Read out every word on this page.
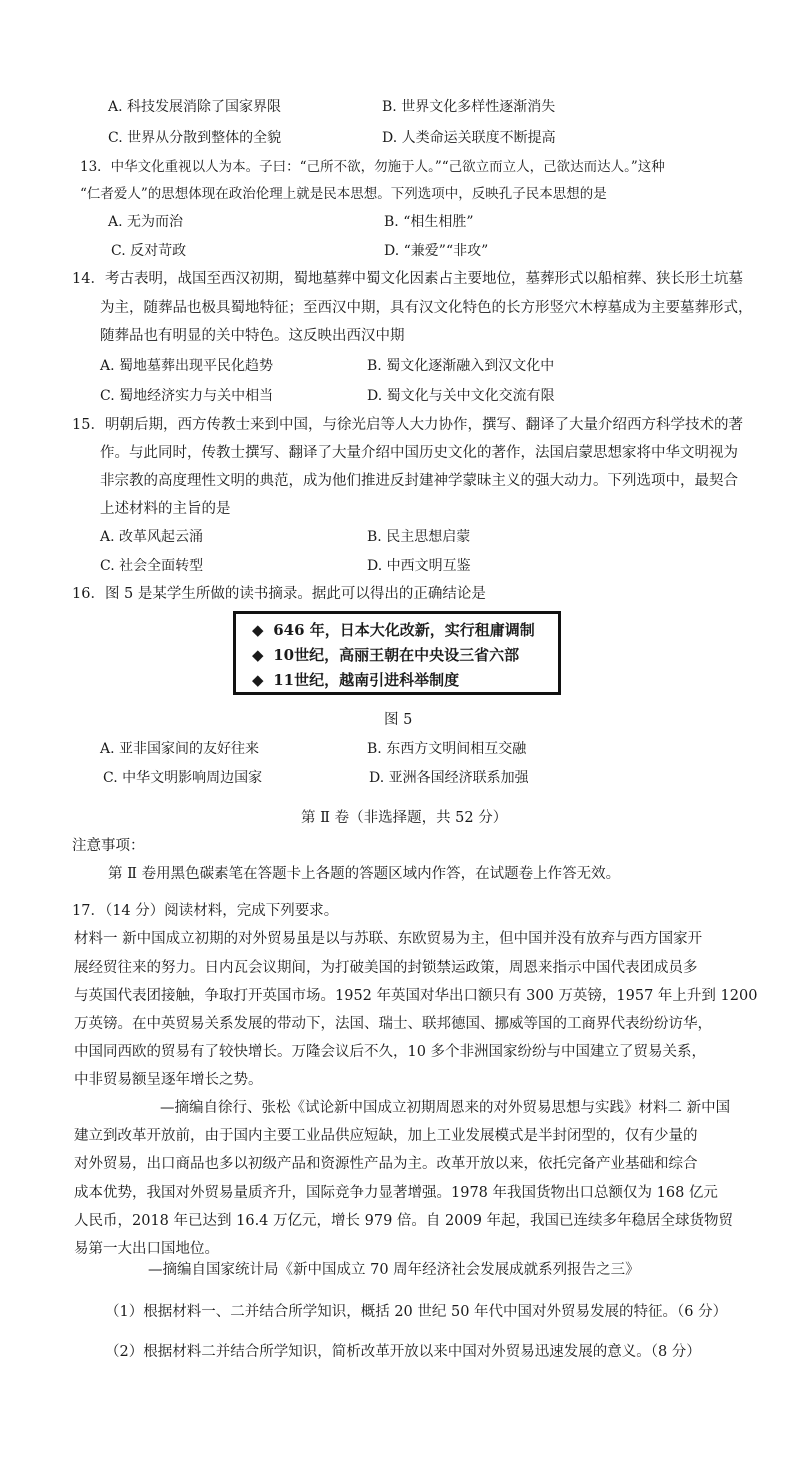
A. 科技发展消除了国家界限	B. 世界文化多样性逐渐消失
C. 世界从分散到整体的全貌	D. 人类命运关联度不断提高
13．中华文化重视以人为本。子曰：“己所不欲，勿施于人。”“己欲立而立人，己欲达而达人。”这种
“仁者爱人”的思想体现在政治伦理上就是民本思想。下列选项中，反映孔子民本思想的是
A. 无为而治	B. “相生相胜”
C. 反对苛政	D. “兼爱”“非攻”
14．考古表明，战国至西汉初期，蜀地墓葬中蜀文化因素占主要地位，墓葬形式以船棺葬、狭长形土坑墓
为主，随葬品也极具蜀地特征；至西汉中期，具有汉文化特色的长方形竖穴木椁墓成为主要墓葬形式，
随葬品也有明显的关中特色。这反映出西汉中期
A. 蜀地墓葬出现平民化趋势	B. 蜀文化逐渐融入到汉文化中
C. 蜀地经济实力与关中相当	D. 蜀文化与关中文化交流有限
15．明朝后期，西方传教士来到中国，与徐光启等人大力协作，撰写、翻译了大量介绍西方科学技术的著
作。与此同时，传教士撰写、翻译了大量介绍中国历史文化的著作，法国启蒙思想家将中华文明视为
非宗教的高度理性文明的典范，成为他们推进反封建神学蒙昧主义的强大动力。下列选项中，最契合
上述材料的主旨的是
A. 改革风起云涌	B. 民主思想启蒙
C. 社会全面转型	D. 中西文明互鉴
16．图 5 是某学生所做的读书摘录。据此可以得出的正确结论是
◆ 646 年，日本大化改新，实行租庸调制
◆ 10世纪，高丽王朝在中央设三省六部
◆ 11世纪，越南引进科举制度
图 5
A. 亚非国家间的友好往来	B. 东西方文明间相互交融
C. 中华文明影响周边国家	D. 亚洲各国经济联系加强
第 Ⅱ 卷（非选择题，共 52 分）
注意事项：
第 Ⅱ 卷用黑色碳素笔在答题卡上各题的答题区域内作答，在试题卷上作答无效。
17．（14 分）阅读材料，完成下列要求。
材料一 新中国成立初期的对外贸易虽是以与苏联、东欧贸易为主，但中国并没有放弃与西方国家开
展经贸往来的努力。日内瓦会议期间，为打破美国的封锁禁运政策，周恩来指示中国代表团成员多
与英国代表团接触，争取打开英国市场。1952 年英国对华出口额只有 300 万英镑，1957 年上升到 1200
万英镑。在中英贸易关系发展的带动下，法国、瑞士、联邦德国、挪威等国的工商界代表纷纷访华，
中国同西欧的贸易有了较快增长。万隆会议后不久，10 多个非洲国家纷纷与中国建立了贸易关系，
中非贸易额呈逐年增长之势。
—摘编自徐行、张松《试论新中国成立初期周恩来的对外贸易思想与实践》材料二 新中国
建立到改革开放前，由于国内主要工业品供应短缺，加上工业发展模式是半封闭型的，仅有少量的
对外贸易，出口商品也多以初级产品和资源性产品为主。改革开放以来，依托完备产业基础和综合
成本优势，我国对外贸易量质齐升，国际竞争力显著增强。1978 年我国货物出口总额仅为 168 亿元
人民币，2018 年已达到 16.4 万亿元，增长 979 倍。自 2009 年起，我国已连续多年稳居全球货物贸
易第一大出口国地位。
—摘编自国家统计局《新中国成立 70 周年经济社会发展成就系列报告之三》
（1）根据材料一、二并结合所学知识，概括 20 世纪 50 年代中国对外贸易发展的特征。（6 分）
（2）根据材料二并结合所学知识，简析改革开放以来中国对外贸易迅速发展的意义。（8 分）
